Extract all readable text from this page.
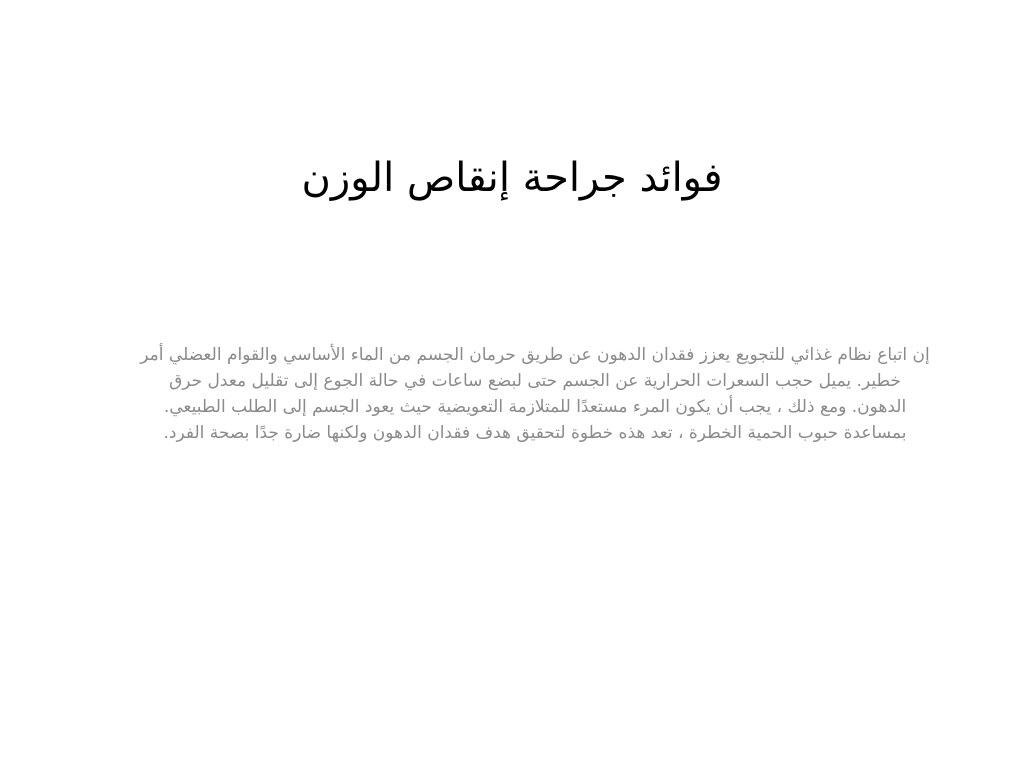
فوائد جراحة إنقاص الوزن

إن اتباع نظام غذائي للتجويع يعزز فقدان الدهون عن طريق حرمان الجسم من الماء الأساسي والقوام العضلي أمر خطير. يميل حجب السعرات الحرارية عن الجسم حتى لبضع ساعات في حالة الجوع إلى تقليل معدل حرق الدهون. ومع ذلك ، يجب أن يكون المرء مستعدًا للمتلازمة التعويضية حيث يعود الجسم إلى الطلب الطبيعي. بمساعدة حبوب الحمية الخطرة ، تعد هذه خطوة لتحقيق هدف فقدان الدهون ولكنها ضارة جدًا بصحة الفرد.
